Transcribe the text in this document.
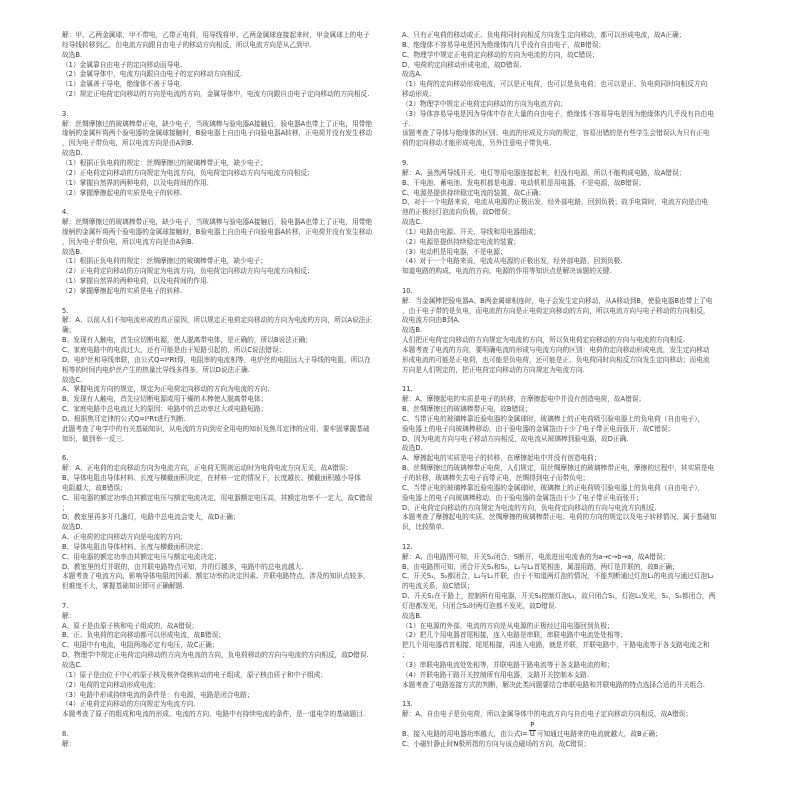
解：甲、乙两金属球，甲不带电，乙带正电荷，用导线将甲、乙两金属球连接起来时，甲金属球上的电子
经导线转移到乙，但电流方向跟自由电子的移动方向相反，所以电流方向是从乙到甲.
故选B.
（1）金属靠自由电子的定向移动而导电.
（2）金属导体中，电流方向跟自由电子的定向移动方向相反.
（1）金属善于导电，绝缘体不善于导电.
（2）规定正电荷定向移动的方向是电流的方向，金属导体中，电流方向跟自由电子定向移动的方向相反.
3.
解：丝绸摩擦过的玻璃棒带正电，缺少电子，当玻璃棒与验电器A接触后，验电器A也带上了正电，用带绝
缘柄的金属杆将两个验电器的金属球接触时，B验电器上自由电子向验电器A转移，正电荷并没有发生移动
，因为电子带负电，所以电流方向是由A到B.
故选D.
（1）根据正负电荷的规定：丝绸摩擦过的玻璃棒带正电，缺少电子；
（2）正电荷定向移动的方向规定为电流方向，负电荷定向移动方向与电流方向相反；
（1）掌握自然界的两种电荷，以及电荷间的作用.
（2）掌握摩擦起电的实质是电子的转移.
4.
解：丝绸摩擦过的玻璃棒带正电，缺少电子，当玻璃棒与验电器A接触后，验电器A也带上了正电，用带绝
缘柄的金属杆将两个验电器的金属球接触时，B验电器上自由电子向验电器A转移，正电荷并没有发生移动
，因为电子带负电，所以电流方向是由A到B.
故选B.
（1）根据正负电荷的规定：丝绸摩擦过的玻璃棒带正电，缺少电子；
（2）正电荷定向移动的方向规定为电流方向，负电荷定向移动方向与电流方向相反；
（1）掌握自然界的两种电荷，以及电荷间的作用.
（2）掌握摩擦起电的实质是电子的转移.
5.
解：A、以前人们不知电流形成的真正原因，所以规定正电荷定向移动的方向为电流的方向，所以A说法正
确；
B、发现有人触电，首先应切断电源，使人脱离带电体，是正确的，所以B说法正确；
C、家庭电路中的电流过大，还有可能是由于短路引起的，所以C说法错误；
D、电炉丝和导线串联，由公式Q=I²Rt得，电阻率的电流相等，电炉丝的电阻远大于导线的电阻，所以在
相等的时间内电炉丝产生的热量比导线多得多，所以D说法正确.
故选C.
A、掌握电流方向的规定，规定为正电荷定向移动的方向为电流的方向；
B、发现有人触电，首先应切断电源或用干燥的木棒使人脱离带电体；
C、家庭电路中总电流过大的原因：电路中的总功率过大或电路短路；
D、根据焦耳定律的公式Q=I²Rt进行判断.
此题考查了电学中的有关基础知识，从电流的方向到安全用电的知识及焦耳定律的应用，要牢固掌握基础
知识，做到举一反三.
6.
解：A、正电荷的定向移动方向为电流方向，正电荷无规则运动时为电荷电流方向无关，故A错误；
B、导体电阻由导体材料、长度与横截面积决定，在材料一定的情况下，长度越长、横截面积越小导体
电阻越大，故B错误；
C、用电器的额定功率由其额定电压与额定电流决定，用电器额定电压高，其额定功率不一定大，故C错误
；
D、教室里再多开几盏灯，电路中总电流会变大，故D正确；
故选D.
A、正电荷的定向移动方向是电流的方向；
B、导体电阻由导体材料、长度与横截面积决定；
C、用电器的额定功率由其额定电压与额定电流决定；
D、教室里的灯并联的，由并联电路特点可知，并的灯越多，电路中的总电流越大.
本题考查了电流方向、影响导体电阻的因素、额定功率的决定因素、并联电路特点，涉及的知识点较多，
但难度不大，掌握基础知识即可正确解题.
7.
解：
A、原子是由原子核和电子组成的，故A错误；
B、正、负电荷的定向移动都可以形成电流，故B错误；
C、电阻中有电流，电阻两端必定有电压，故C正确；
D、物理学中规定正电荷定向移动的方向为电流的方向，负电荷移动的方向与电流的方向相反，故D错误.
故选C.
（1）原子是由位于中心的原子核及核外绕核转动的电子组成，原子核由质子和中子组成；
（2）电荷的定向移动形成电流；
（3）电路中形成持续电流的条件是：有电源，电路是闭合电路；
（4）正电荷定向移动的方向规定为电流方向.
本题考查了原子的组成和电流的形成、电流的方向、电路中有持续电流的条件，是一道电学的基础题目.
8.
解：
A、只有正电荷的移动或正、负电荷同时向相反方向发生定向移动，都可以形成电流，故A正确；
B、绝缘体不容易导电是因为绝缘体内几乎没有自由电子，故B错误；
C、物理学中规定正电荷定向移动的方向为电流的方向，故C错误；
D、电荷的定向移动形成电流，故D错误.
故选A.
（1）电荷的定向移动形成电流，可以是正电荷，也可以是负电荷；也可以是正、负电荷同时向相反方向
移动形成；
（2）物理学中规定正电荷定向移动的方向为电流方向；
（3）导体容易导电是因为导体中存在大量的自由电子，绝缘体不容易导电是因为绝缘体内几乎没有自由电
子.
该题考查了导体与绝缘体的区别、电流的形成及方向的规定，容易出错的是有些学生会错误认为只有正电
荷的定向移动才能形成电流，另外注意电子带负电.
9.
解：A、虽然两导线开关、电灯等用电器连接起来，但没有电源，所以不能构成电路，故A错误；
B、干电池、蓄电池、发电机都是电源；电动机机是用电器，不是电源，故B错误；
C、电源是提供持续稳定电流的装置，故C正确；
D、对于一个电路来说，电流从电源的正极出发，经外部电路，回到负极；故手电筒时，电流方向是由电
池的正极经灯泡流向负极，故D错误；
故选C.
（1）电路由电源、开关、导线和用电器组成；
（2）电源是提供持续稳定电流的装置；
（3）电动机是用电器，不是电源；
（4）对于一个电路来说，电流从电源的正极出发，经外部电路，回到负极.
知道电路的构成、电流的方向、电源的作用等知识点是解决该题的关键.
10.
解：当金属棒把验电器A、B两金属球相连时，电子会发生定向移动，从A移动到B，使验电器B也带上了电
，由于电子带的是负电，而电流的方向是正电荷定向移动的方向，所以电流方向与电子移动的方向相反，
故电流方向由B到A.
故选B.
人们把正电荷定向移动的方向规定为电流的方向，所以负电荷定向移动的方向与电流的方向相反.
本题考查了电流的方向，要明确电流的形成与电流方向的区别：电荷的定向移动形成电流，发生定向移动
形成电流的可能是正电荷，也可能是负电荷，还可能是正、负电荷同时向相反方向发生定向移动；而电流
方向是人们规定的，把正电荷定向移动的方向规定为电流方向.
11.
解：A、摩擦起电的实质是电子的转移，在摩擦起电中并没有创造电荷，故A错误；
B、丝绸摩擦过的玻璃棒带正电，故B错误；
C、当带正电的玻璃棒靠近验电器的金属球时，玻璃棒上的正电荷吸引验电器上的负电荷（自由电子），
验电器上的电子向玻璃棒移动，由于验电器的金属箔由于少了电子带正电而张开，故C错误；
D、因为电流方向与电子移动方向相反，故电流从玻璃棒到验电器，故D正确.
故选D.
A、摩擦起电的实质是电子的转移，在摩擦起电中并没有创造电荷；
B、丝绸摩擦过的玻璃棒带正电荷，人们规定，用丝绸摩擦过的玻璃棒带正电，摩擦的过程中，其实质是电
子的转移，玻璃棒失去电子而带正电，丝绸得到电子而带负电；
C、当带正电的玻璃棒靠近验电器的金属球时，玻璃棒上的正电荷吸引验电器上的负电荷（自由电子），
验电器上的电子向玻璃棒移动，由于验电器的金属箔由于少了电子带正电而张开；
D、正电荷定向移动的方向规定为电流的方向，负电荷定向移动的方向与电流方向相反.
本题考查了摩擦起电的实质、丝绸摩擦的玻璃棒带正电、电荷的方向的规定以及电子转移情况，属于基础知
识，比较简单.
12.
解：A、由电路图可知，开关S₁闭合，S断开，电流进出电流表的为a→c→b→a，故A错误；
B、由电路图可知，闭合开关S₁和S₂，L₁与L₂首尾相连，属混用路，两灯是并联的，故B正确；
C、开关S₁，S₂都闭合，L₁与L₂并联，由于不知道两灯泡的情况，不能判断通过灯泡L₁的电流与通过灯泡L₂
的电流关系，故C错误；
D、开关S₁在干路上，控制所有用电器，开关S₂控制灯泡L₁，故只闭合S₁，灯泡L₁发光，S₁，S₂都闭合，两
灯泡都发光，只闭合S₂时两灯泡都不发光，故D错误.
故选B.
（1）在电源的外部，电流的方向是从电源的正极经过用电器回到负极；
（2）把几个用电器首尾相接，连入电路是串联，串联电路中电流处处相等；
把几个用电器首首相接，尾尾相接，再连入电路，就是并联，并联电路中，干路电流等于各支路电流之和
；
（3）串联电路电流处处相等，并联电路干路电流等于各支路电流的和；
（4）并联电路干路开关控制所有用电器，支路开关控制本支路.
本题考查了电路连接方式的判断，解决此类问题要结合串联电路和并联电路的特点选择合适的开关组合.
13.
解：A、自由电子是负电荷，所以金属导体中的电流方向与自由电子定向移动方向相反，故A错误；
B、接入电路的用电器功率越大，由公式$I= \frac{P}{U}$可知通过电路来的电流就越大，故B正确；
C、小磁针静止时N极所指的方向与该点磁场的方向，故C错误；
